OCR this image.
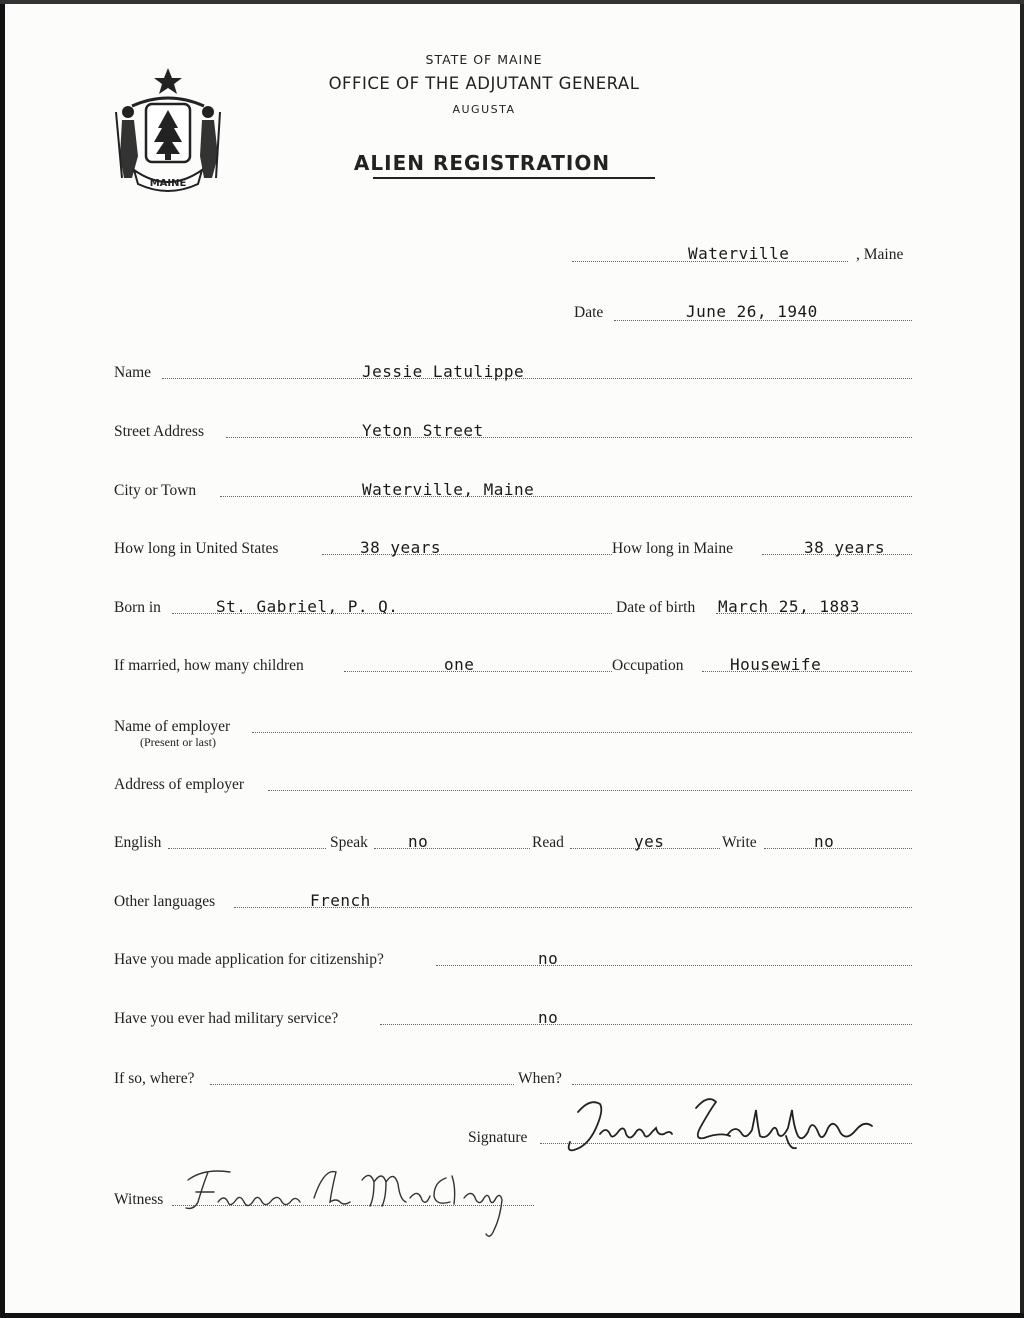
MAINE
STATE OF MAINE
OFFICE OF THE ADJUTANT GENERAL
AUGUSTA
ALIEN REGISTRATION
Waterville	, Maine
Date	June 26, 1940
Name	Jessie Latulippe
Street Address	Yeton Street
City or Town	Waterville, Maine
How long in United States	38 years	How long in Maine	38 years
Born in	St. Gabriel, P. Q.	Date of birth March 25, 1883
If married, how many children	one	Occupation	Housewife
Name of employer
(Present or last)
Address of employer
English	Speak	no	Read	yes	Write	no
Other languages	French
Have you made application for citizenship?	no
Have you ever had military service?	no
If so, where?	When?
Signature
Witness
